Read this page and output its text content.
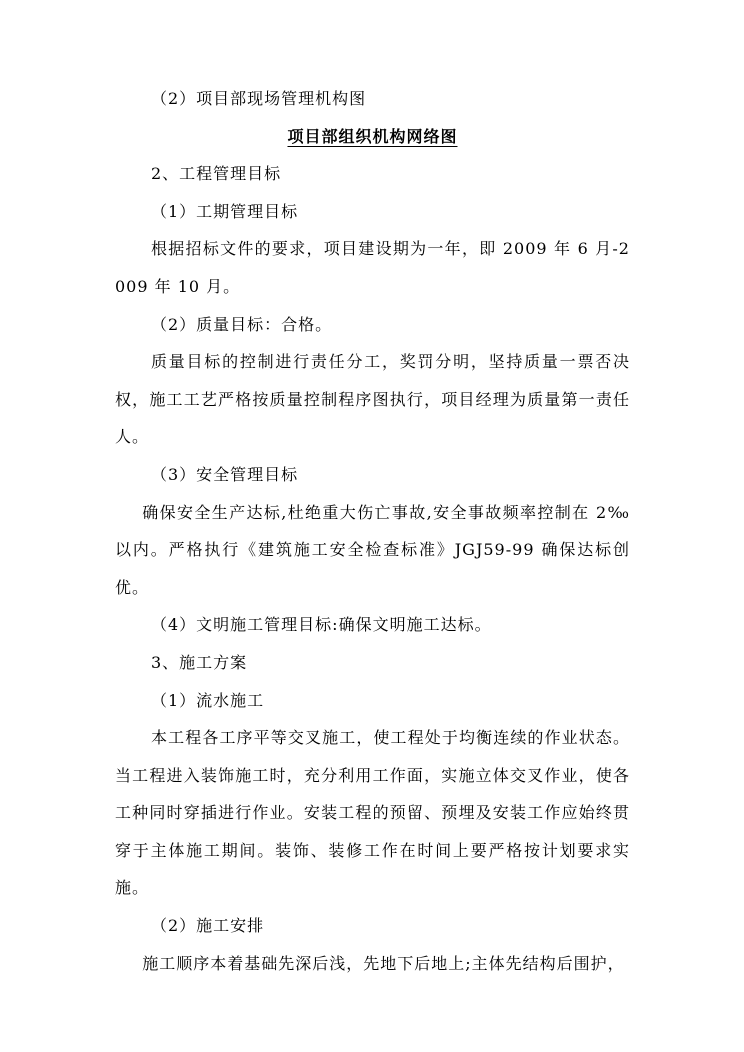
（2）项目部现场管理机构图

项目部组织机构网络图

2、工程管理目标

（1）工期管理目标

根据招标文件的要求，项目建设期为一年，即 2009 年 6 月-2009 年 10 月。

（2）质量目标：合格。

质量目标的控制进行责任分工，奖罚分明，坚持质量一票否决权，施工工艺严格按质量控制程序图执行，项目经理为质量第一责任人。

（3）安全管理目标

确保安全生产达标,杜绝重大伤亡事故,安全事故频率控制在 2‰以内。严格执行《建筑施工安全检查标准》JGJ59-99 确保达标创优。

（4）文明施工管理目标:确保文明施工达标。

3、施工方案

（1）流水施工

本工程各工序平等交叉施工，使工程处于均衡连续的作业状态。当工程进入装饰施工时，充分利用工作面，实施立体交叉作业，使各工种同时穿插进行作业。安装工程的预留、预埋及安装工作应始终贯穿于主体施工期间。装饰、装修工作在时间上要严格按计划要求实施。

（2）施工安排

施工顺序本着基础先深后浅，先地下后地上;主体先结构后围护，
